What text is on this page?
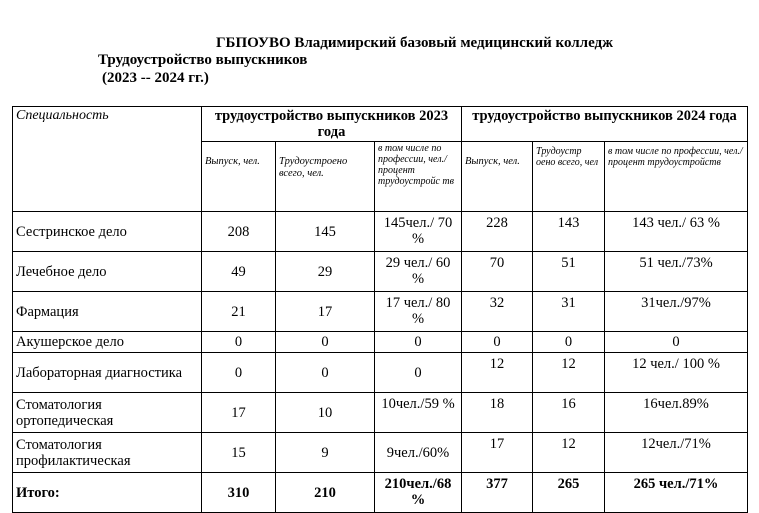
ГБПОУВО Владимирский базовый медицинский колледж
Трудоустройство выпускников
(2023 -- 2024 гг.)
Специальность	трудоустройство выпускников 2023 года			трудоустройство выпускников 2024 года		
	Выпуск, чел.	Трудоустроено всего, чел.	в том числе по профессии, чел./процент трудоустройс тв	Выпуск, чел.	Трудоустр оено всего, чел	в том числе по профессии, чел./процент трудоустройств
Сестринское дело	208	145	145чел./ 70 %	228	143	143 чел./ 63 %
Лечебное дело	49	29	29 чел./ 60 %	70	51	51 чел./73%
Фармация	21	17	17 чел./ 80 %	32	31	31чел./97%
Акушерское дело	0	0	0	0	0	0
Лабораторная диагностика	0	0	0	12	12	12 чел./ 100 %
Стоматология ортопедическая	17	10	10чел./59 %	18	16	16чел.89%
Стоматология профилактическая	15	9	9чел./60%	17	12	12чел./71%
Итого:	310	210	210чел./68 %	377	265	265 чел./71%
